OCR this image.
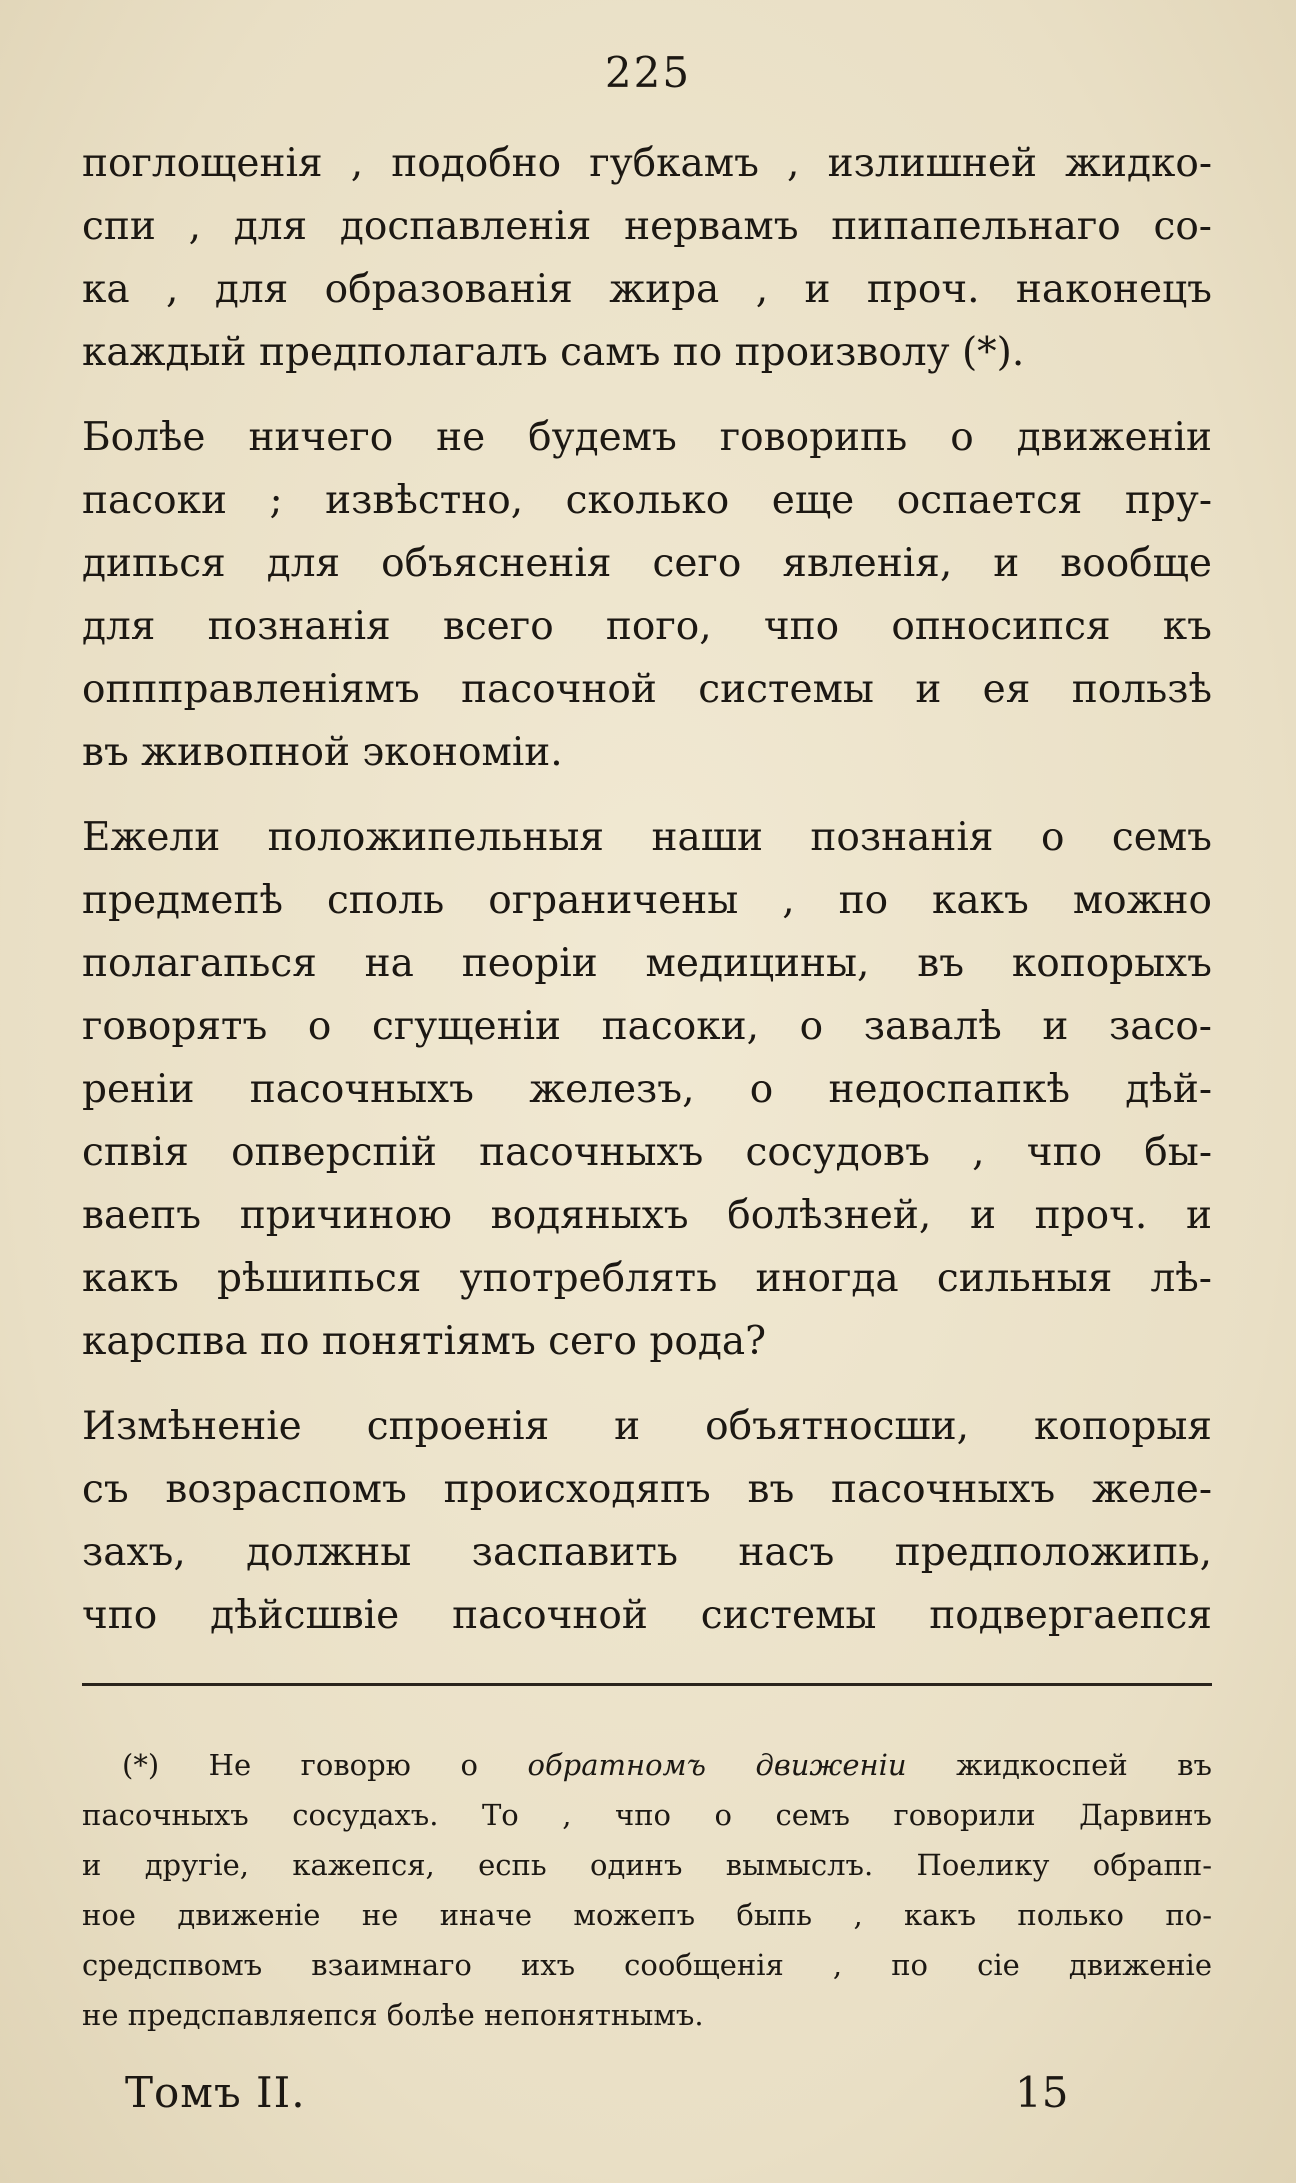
225
поглощенія , подобно губкамъ , излишней жидко-
спи , для доспавленія нервамъ пипапельнаго со-
ка , для образованія жира , и проч. наконецъ
каждый предполагалъ самъ по произволу (*).
Болѣе ничего не будемъ говорипь о движеніи
пасоки ; извѣстно, сколько еще оспается пру-
дипься для объясненія сего явленія, и вообще
для познанія всего пого, чпо опносипся къ
оппправленіямъ пасочной системы и ея пользѣ
въ живопной экономіи.
Ежели положипельныя наши познанія о семъ
предмепѣ споль ограничены , по какъ можно
полагапься на пеоріи медицины, въ копорыхъ
говорятъ о сгущеніи пасоки, о завалѣ и засо-
реніи пасочныхъ железъ, о недоспапкѣ дѣй-
спвія опверспій пасочныхъ сосудовъ , чпо бы-
ваепъ причиною водяныхъ болѣзней, и проч. и
какъ рѣшипься употреблять иногда сильныя лѣ-
карспва по понятіямъ сего рода?
Измѣненіе спроенія и объятносши, копорыя
съ возраспомъ происходяпъ въ пасочныхъ желе-
захъ, должны заспавить насъ предположипь,
чпо дѣйсшвіе пасочной системы подвергаепся
(*) Не говорю о обратномъ движеніи жидкоспей въ
пасочныхъ сосудахъ. То , чпо о семъ говорили Дарвинъ
и другіе, кажепся, еспь одинъ вымыслъ. Поелику обрапп-
ное движеніе не иначе можепъ быпь , какъ полько по-
средспвомъ взаимнаго ихъ сообщенія , по сіе движеніе
не предспавляепся болѣе непонятнымъ.
Томъ II.	15
